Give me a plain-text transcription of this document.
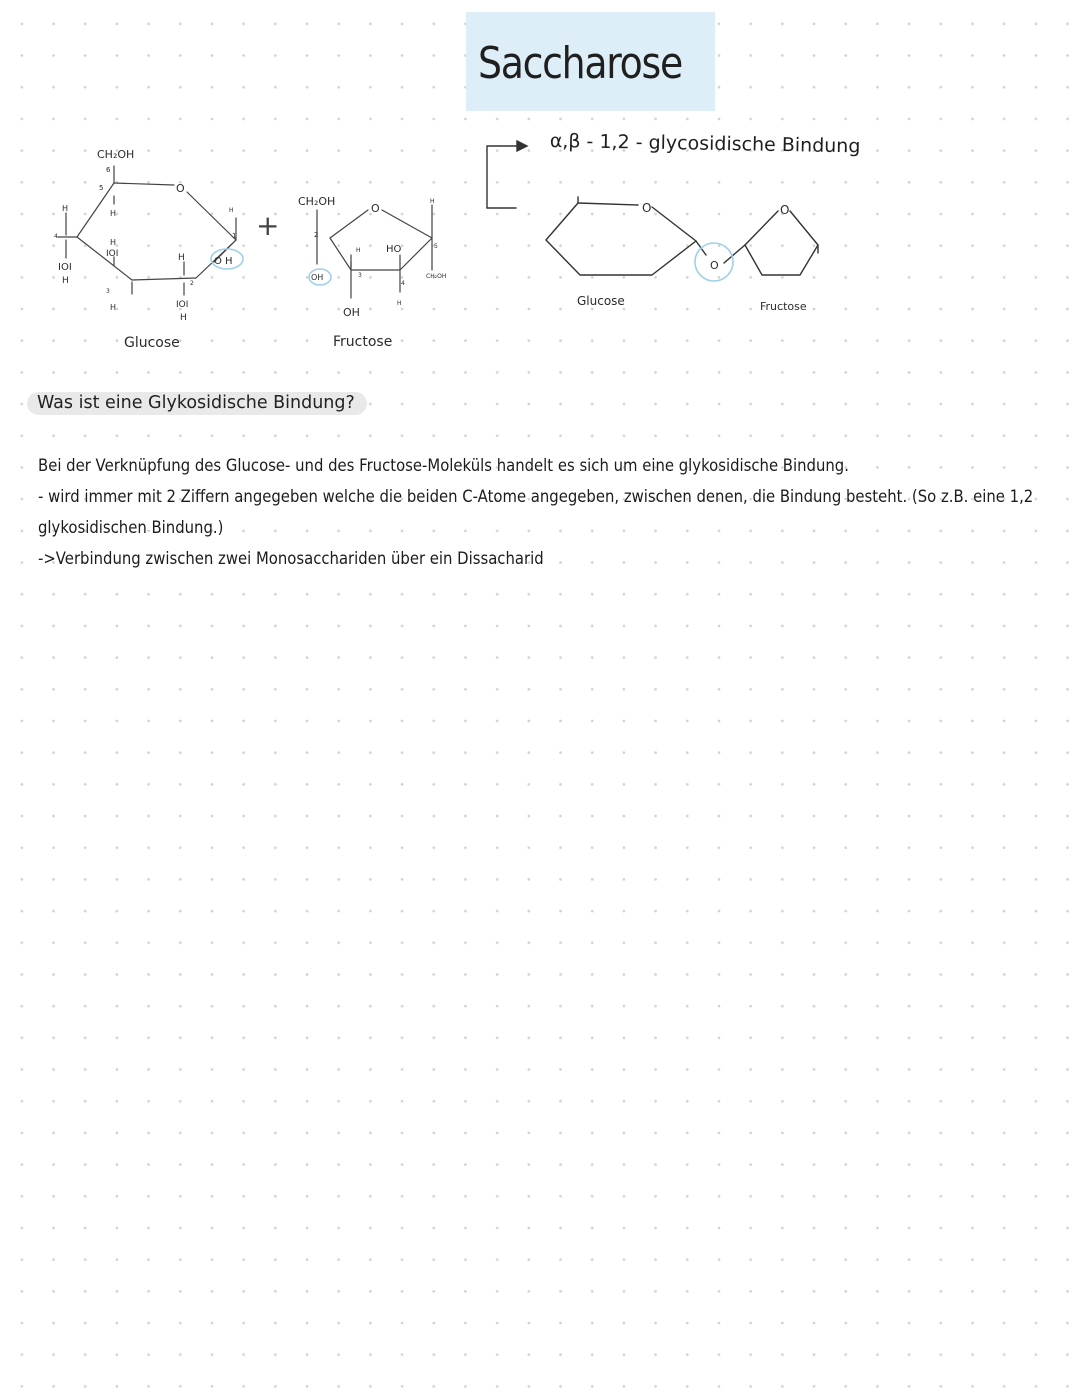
Saccharose
α,β - 1,2 - glycosidische Bindung
CH₂OH
6
5	O
H
1
H
4
H
H
IOI	H
2
IOI
H
3
H	IOI
H
O H
+
CH₂OH
O
H
2
H	HO	5
OH	3
4
CH₂OH
H
OH
Glucose	Fructose
O	O
O
Glucose	Fructose
Was ist eine Glykosidische Bindung?
Bei der Verknüpfung des Glucose- und des Fructose-Moleküls handelt es sich um eine glykosidische Bindung.
- wird immer mit 2 Ziffern angegeben welche die beiden C-Atome angegeben, zwischen denen, die Bindung besteht. (So z.B. eine 1,2
glykosidischen Bindung.)
->Verbindung zwischen zwei Monosacchariden über ein Dissacharid
